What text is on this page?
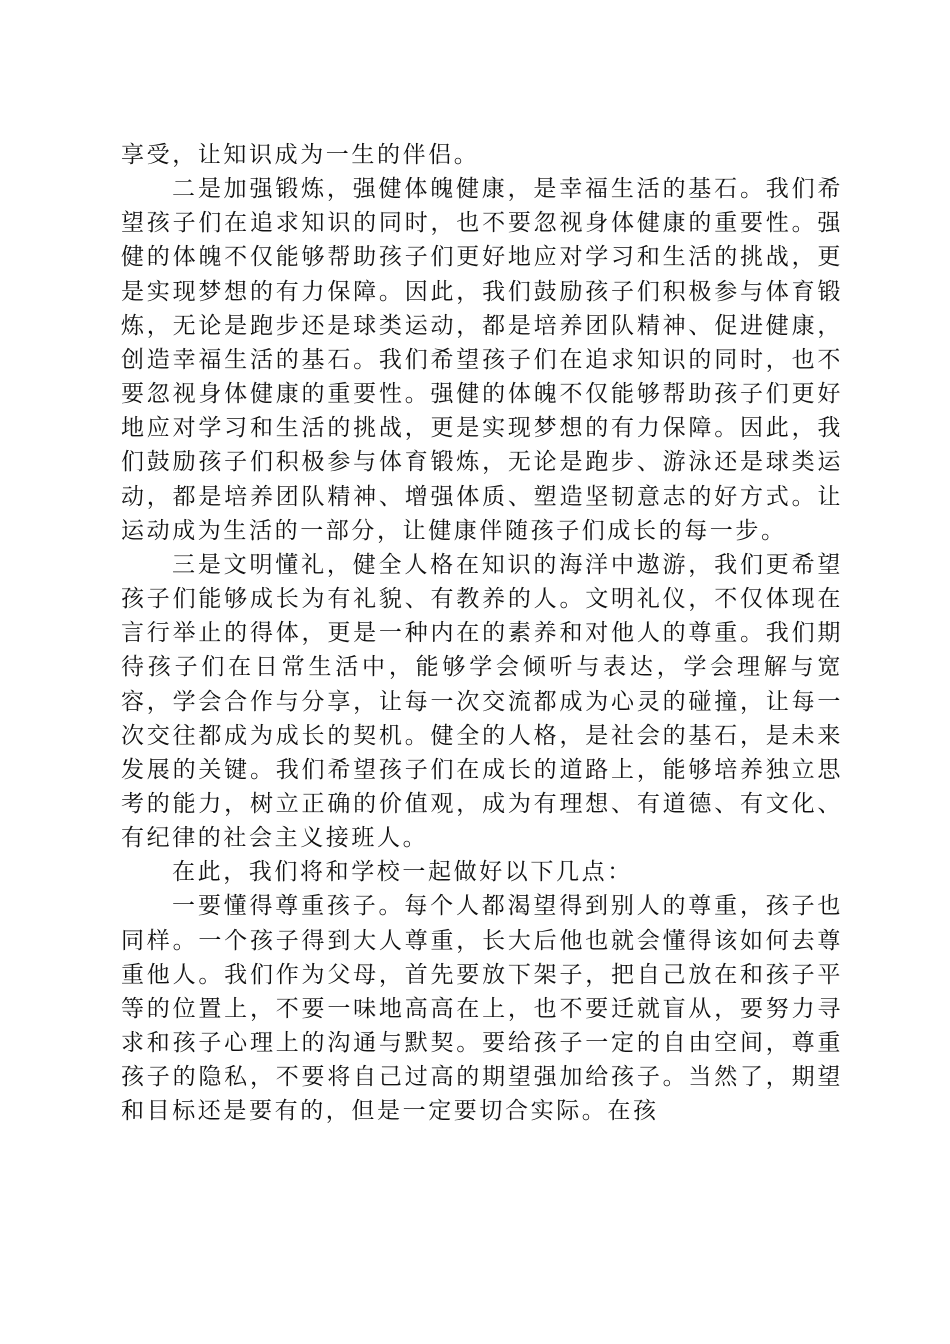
享受，让知识成为一生的伴侣。

二是加强锻炼，强健体魄健康，是幸福生活的基石。我们希望孩子们在追求知识的同时，也不要忽视身体健康的重要性。强健的体魄不仅能够帮助孩子们更好地应对学习和生活的挑战，更是实现梦想的有力保障。因此，我们鼓励孩子们积极参与体育锻炼，无论是跑步还是球类运动，都是培养团队精神、促进健康，创造幸福生活的基石。我们希望孩子们在追求知识的同时，也不要忽视身体健康的重要性。强健的体魄不仅能够帮助孩子们更好地应对学习和生活的挑战，更是实现梦想的有力保障。因此，我们鼓励孩子们积极参与体育锻炼，无论是跑步、游泳还是球类运动，都是培养团队精神、增强体质、塑造坚韧意志的好方式。让运动成为生活的一部分，让健康伴随孩子们成长的每一步。

三是文明懂礼，健全人格在知识的海洋中遨游，我们更希望孩子们能够成长为有礼貌、有教养的人。文明礼仪，不仅体现在言行举止的得体，更是一种内在的素养和对他人的尊重。我们期待孩子们在日常生活中，能够学会倾听与表达，学会理解与宽容，学会合作与分享，让每一次交流都成为心灵的碰撞，让每一次交往都成为成长的契机。健全的人格，是社会的基石，是未来发展的关键。我们希望孩子们在成长的道路上，能够培养独立思考的能力，树立正确的价值观，成为有理想、有道德、有文化、有纪律的社会主义接班人。

在此，我们将和学校一起做好以下几点：

一要懂得尊重孩子。每个人都渴望得到别人的尊重，孩子也同样。一个孩子得到大人尊重，长大后他也就会懂得该如何去尊重他人。我们作为父母，首先要放下架子，把自己放在和孩子平等的位置上，不要一味地高高在上，也不要迁就盲从，要努力寻求和孩子心理上的沟通与默契。要给孩子一定的自由空间，尊重孩子的隐私，不要将自己过高的期望强加给孩子。当然了，期望和目标还是要有的，但是一定要切合实际。在孩
